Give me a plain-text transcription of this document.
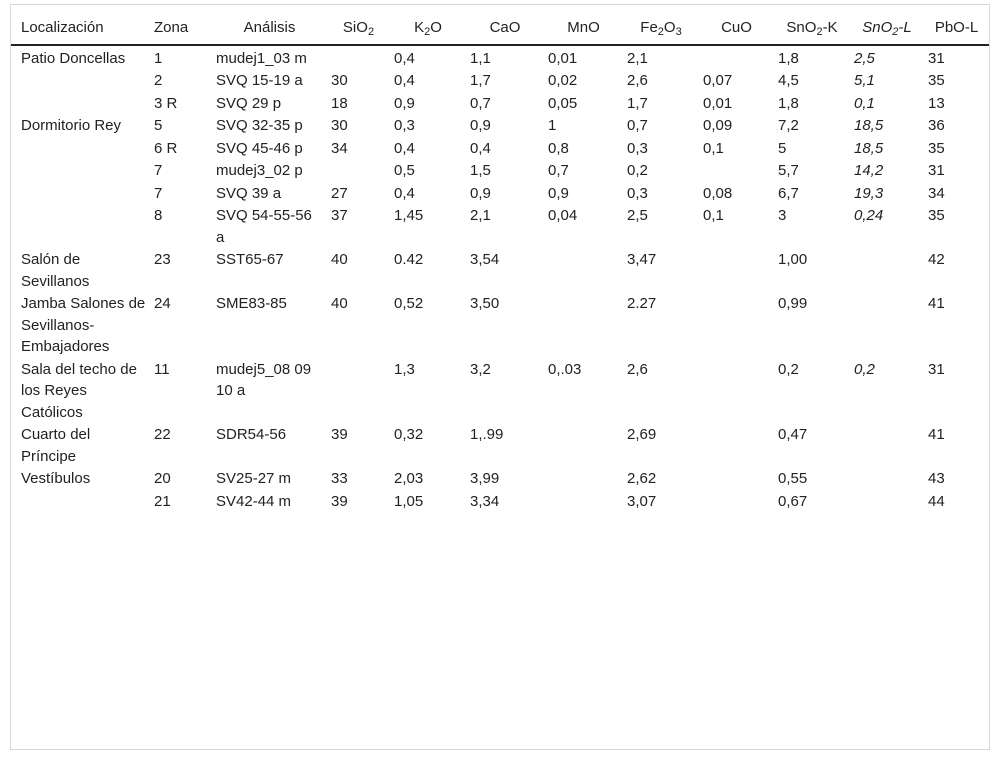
Localización	Zona	Análisis	SiO$_2$	$K_2O$	CaO	MnO	$Fe_2O_3$	CuO	SnO$_2$-K	SnO$_2$-L	PbO-L
Patio Doncellas	1	mudej1_03 m		0,4	1,1	0,01	2,1		1,8	2,5	31
	2	SVQ 15-19 a	30	0,4	1,7	0,02	2,6	0,07	4,5	5,1	35
	3 R	SVQ 29 p	18	0,9	0,7	0,05	1,7	0,01	1,8	0,1	13
Dormitorio Rey	5	SVQ 32-35 p	30	0,3	0,9	1	0,7	0,09	7,2	18,5	36
	6 R	SVQ 45-46 p	34	0,4	0,4	0,8	0,3	0,1	5	18,5	35
	7	mudej3_02 p		0,5	1,5	0,7	0,2		5,7	14,2	31
	7	SVQ 39 a	27	0,4	0,9	0,9	0,3	0,08	6,7	19,3	34
	8	SVQ 54-55-56 a	37	1,45	2,1	0,04	2,5	0,1	3	0,24	35
Salón de Sevillanos	23	SST65-67	40	0.42	3,54		3,47		1,00		42
Jamba Salones de Sevillanos-Embajadores	24	SME83-85	40	0,52	3,50		2.27		0,99		41
Sala del techo de los Reyes Católicos	11	mudej5_08 09 10 a		1,3	3,2	0,.03	2,6		0,2	0,2	31
Cuarto del Príncipe	22	SDR54-56	39	0,32	1,.99		2,69		0,47		41
Vestíbulos	20	SV25-27 m	33	2,03	3,99		2,62		0,55		43
	21	SV42-44 m	39	1,05	3,34		3,07		0,67		44
